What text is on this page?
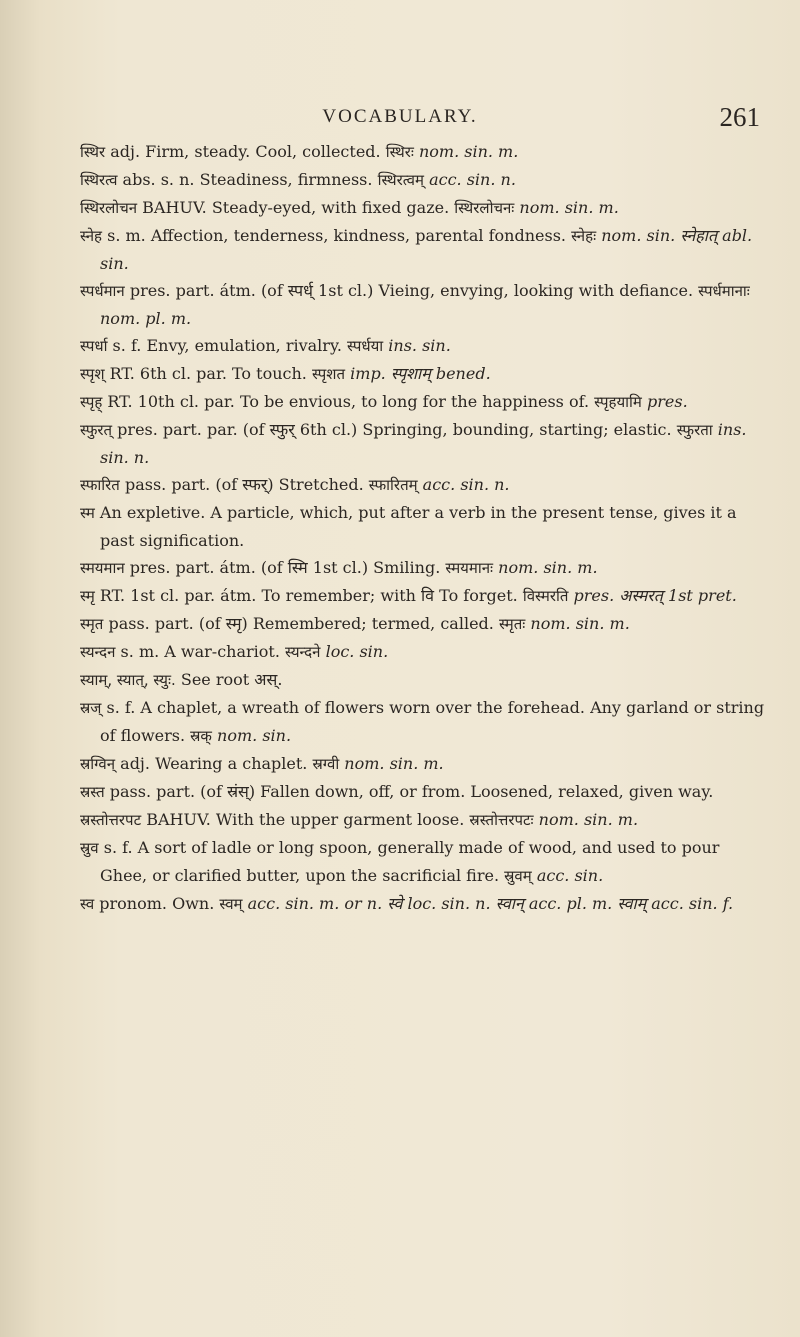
VOCABULARY.	261

स्थिर adj. Firm, steady. Cool, collected. स्थिरः nom. sin. m.

स्थिरत्व abs. s. n. Steadiness, firmness. स्थिरत्वम् acc. sin. n.

स्थिरलोचन BAHUV. Steady-eyed, with fixed gaze. स्थिरलोचनः nom. sin. m.

स्नेह s. m. Affection, tenderness, kindness, parental fondness. स्नेहः nom. sin. स्नेहात् abl. sin.

स्पर्धमान pres. part. átm. (of स्पर्ध् 1st cl.) Vieing, envying, looking with defiance. स्पर्धमानाः nom. pl. m.

स्पर्धा s. f. Envy, emulation, rivalry. स्पर्धया ins. sin.

स्पृश् RT. 6th cl. par. To touch. स्पृशत imp. स्पृशाम् bened.

स्पृह् RT. 10th cl. par. To be envious, to long for the happiness of. स्पृहयामि pres.

स्फुरत् pres. part. par. (of स्फुर् 6th cl.) Springing, bounding, starting; elastic. स्फुरता ins. sin. n.

स्फारित pass. part. (of स्फर्) Stretched. स्फारितम् acc. sin. n.

स्म An expletive. A particle, which, put after a verb in the present tense, gives it a past signification.

स्मयमान pres. part. átm. (of स्मि 1st cl.) Smiling. स्मयमानः nom. sin. m.

स्मृ RT. 1st cl. par. átm. To remember; with वि To forget. विस्मरति pres. अस्मरत् 1st pret.

स्मृत pass. part. (of स्मृ) Remembered; termed, called. स्मृतः nom. sin. m.

स्यन्दन s. m. A war-chariot. स्यन्दने loc. sin.

स्याम्, स्यात्, स्युः. See root अस्.

स्रज् s. f. A chaplet, a wreath of flowers worn over the forehead. Any garland or string of flowers. स्रक् nom. sin.

स्रग्विन् adj. Wearing a chaplet. स्रग्वी nom. sin. m.

स्रस्त pass. part. (of स्रंस्) Fallen down, off, or from. Loosened, relaxed, given way.

स्रस्तोत्तरपट BAHUV. With the upper garment loose. स्रस्तोत्तरपटः nom. sin. m.

स्रुव s. f. A sort of ladle or long spoon, generally made of wood, and used to pour Ghee, or clarified butter, upon the sacrificial fire. स्रुवम् acc. sin.

स्व pronom. Own. स्वम् acc. sin. m. or n. स्वे loc. sin. n. स्वान् acc. pl. m. स्वाम् acc. sin. f.
